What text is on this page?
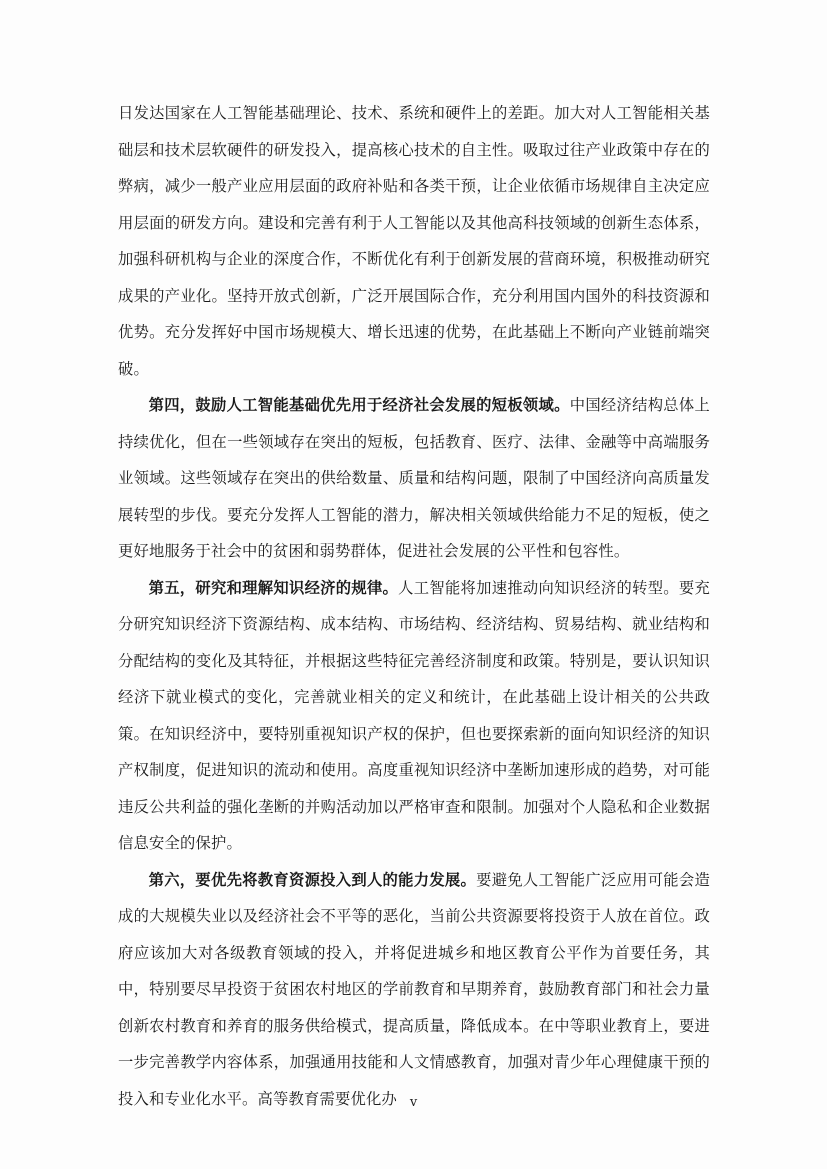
日发达国家在人工智能基础理论、技术、系统和硬件上的差距。加大对人工智能相关基础层和技术层软硬件的研发投入，提高核心技术的自主性。吸取过往产业政策中存在的弊病，减少一般产业应用层面的政府补贴和各类干预，让企业依循市场规律自主决定应用层面的研发方向。建设和完善有利于人工智能以及其他高科技领域的创新生态体系，加强科研机构与企业的深度合作，不断优化有利于创新发展的营商环境，积极推动研究成果的产业化。坚持开放式创新，广泛开展国际合作，充分利用国内国外的科技资源和优势。充分发挥好中国市场规模大、增长迅速的优势，在此基础上不断向产业链前端突破。

第四，鼓励人工智能基础优先用于经济社会发展的短板领域。中国经济结构总体上持续优化，但在一些领域存在突出的短板，包括教育、医疗、法律、金融等中高端服务业领域。这些领域存在突出的供给数量、质量和结构问题，限制了中国经济向高质量发展转型的步伐。要充分发挥人工智能的潜力，解决相关领域供给能力不足的短板，使之更好地服务于社会中的贫困和弱势群体，促进社会发展的公平性和包容性。

第五，研究和理解知识经济的规律。人工智能将加速推动向知识经济的转型。要充分研究知识经济下资源结构、成本结构、市场结构、经济结构、贸易结构、就业结构和分配结构的变化及其特征，并根据这些特征完善经济制度和政策。特别是，要认识知识经济下就业模式的变化，完善就业相关的定义和统计，在此基础上设计相关的公共政策。在知识经济中，要特别重视知识产权的保护，但也要探索新的面向知识经济的知识产权制度，促进知识的流动和使用。高度重视知识经济中垄断加速形成的趋势，对可能违反公共利益的强化垄断的并购活动加以严格审查和限制。加强对个人隐私和企业数据信息安全的保护。

第六，要优先将教育资源投入到人的能力发展。要避免人工智能广泛应用可能会造成的大规模失业以及经济社会不平等的恶化，当前公共资源要将投资于人放在首位。政府应该加大对各级教育领域的投入，并将促进城乡和地区教育公平作为首要任务，其中，特别要尽早投资于贫困农村地区的学前教育和早期养育，鼓励教育部门和社会力量创新农村教育和养育的服务供给模式，提高质量，降低成本。在中等职业教育上，要进一步完善教学内容体系，加强通用技能和人文情感教育，加强对青少年心理健康干预的投入和专业化水平。高等教育需要优化办 v
